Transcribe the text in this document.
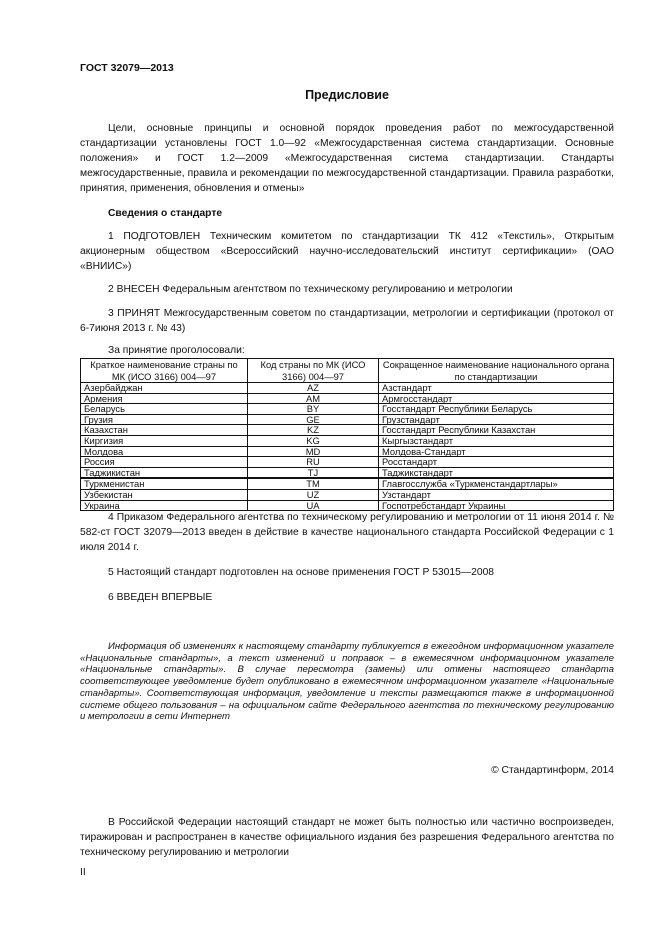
ГОСТ 32079—2013
Предисловие
Цели, основные принципы и основной порядок проведения работ по межгосударственной стандартизации установлены ГОСТ 1.0—92 «Межгосударственная система стандартизации. Основные положения» и ГОСТ 1.2—2009 «Межгосударственная система стандартизации. Стандарты межгосударственные, правила и рекомендации по межгосударственной стандартизации. Правила разработки, принятия, применения, обновления и отмены»
Сведения о стандарте
1 ПОДГОТОВЛЕН Техническим комитетом по стандартизации ТК 412 «Текстиль», Открытым акционерным обществом «Всероссийский научно-исследовательский институт сертификации» (ОАО «ВНИИС»)
2 ВНЕСЕН Федеральным агентством по техническому регулированию и метрологии
3 ПРИНЯТ Межгосударственным советом по стандартизации, метрологии и сертификации (протокол от 6-7июня 2013 г. № 43)
За принятие проголосовали:
Краткое наименование страны по МК (ИСО 3166) 004—97	Код страны по МК (ИСО 3166) 004—97	Сокращенное наименование национального органа по стандартизации
Азербайджан	AZ	Азстандарт
Армения	AM	Армгосстандарт
Беларусь	BY	Госстандарт Республики Беларусь
Грузия	GE	Грузстандарт
Казахстан	KZ	Госстандарт Республики Казахстан
Киргизия	KG	Кыргызстандарт
Молдова	MD	Молдова-Стандарт
Россия	RU	Росстандарт
Таджикистан	TJ	Таджикстандарт
Туркменистан	TM	Главгосслужба «Туркменстандартлары»
Узбекистан	UZ	Узстандарт
Украина	UA	Госпотребстандарт Украины
4 Приказом Федерального агентства по техническому регулированию и метрологии от 11 июня 2014 г. № 582-ст ГОСТ 32079—2013 введен в действие в качестве национального стандарта Российской Федерации с 1 июля 2014 г.
5 Настоящий стандарт подготовлен на основе применения ГОСТ Р 53015—2008
6 ВВЕДЕН ВПЕРВЫЕ
Информация об изменениях к настоящему стандарту публикуется в ежегодном информационном указателе «Национальные стандарты», а текст изменений и поправок – в ежемесячном информационном указателе «Национальные стандарты». В случае пересмотра (замены) или отмены настоящего стандарта соответствующее уведомление будет опубликовано в ежемесячном информационном указателе «Национальные стандарты». Соответствующая информация, уведомление и тексты размещаются также в информационной системе общего пользования – на официальном сайте Федерального агентства по техническому регулированию и метрологии в сети Интернет
© Стандартинформ, 2014
В Российской Федерации настоящий стандарт не может быть полностью или частично воспроизведен, тиражирован и распространен в качестве официального издания без разрешения Федерального агентства по техническому регулированию и метрологии
II
